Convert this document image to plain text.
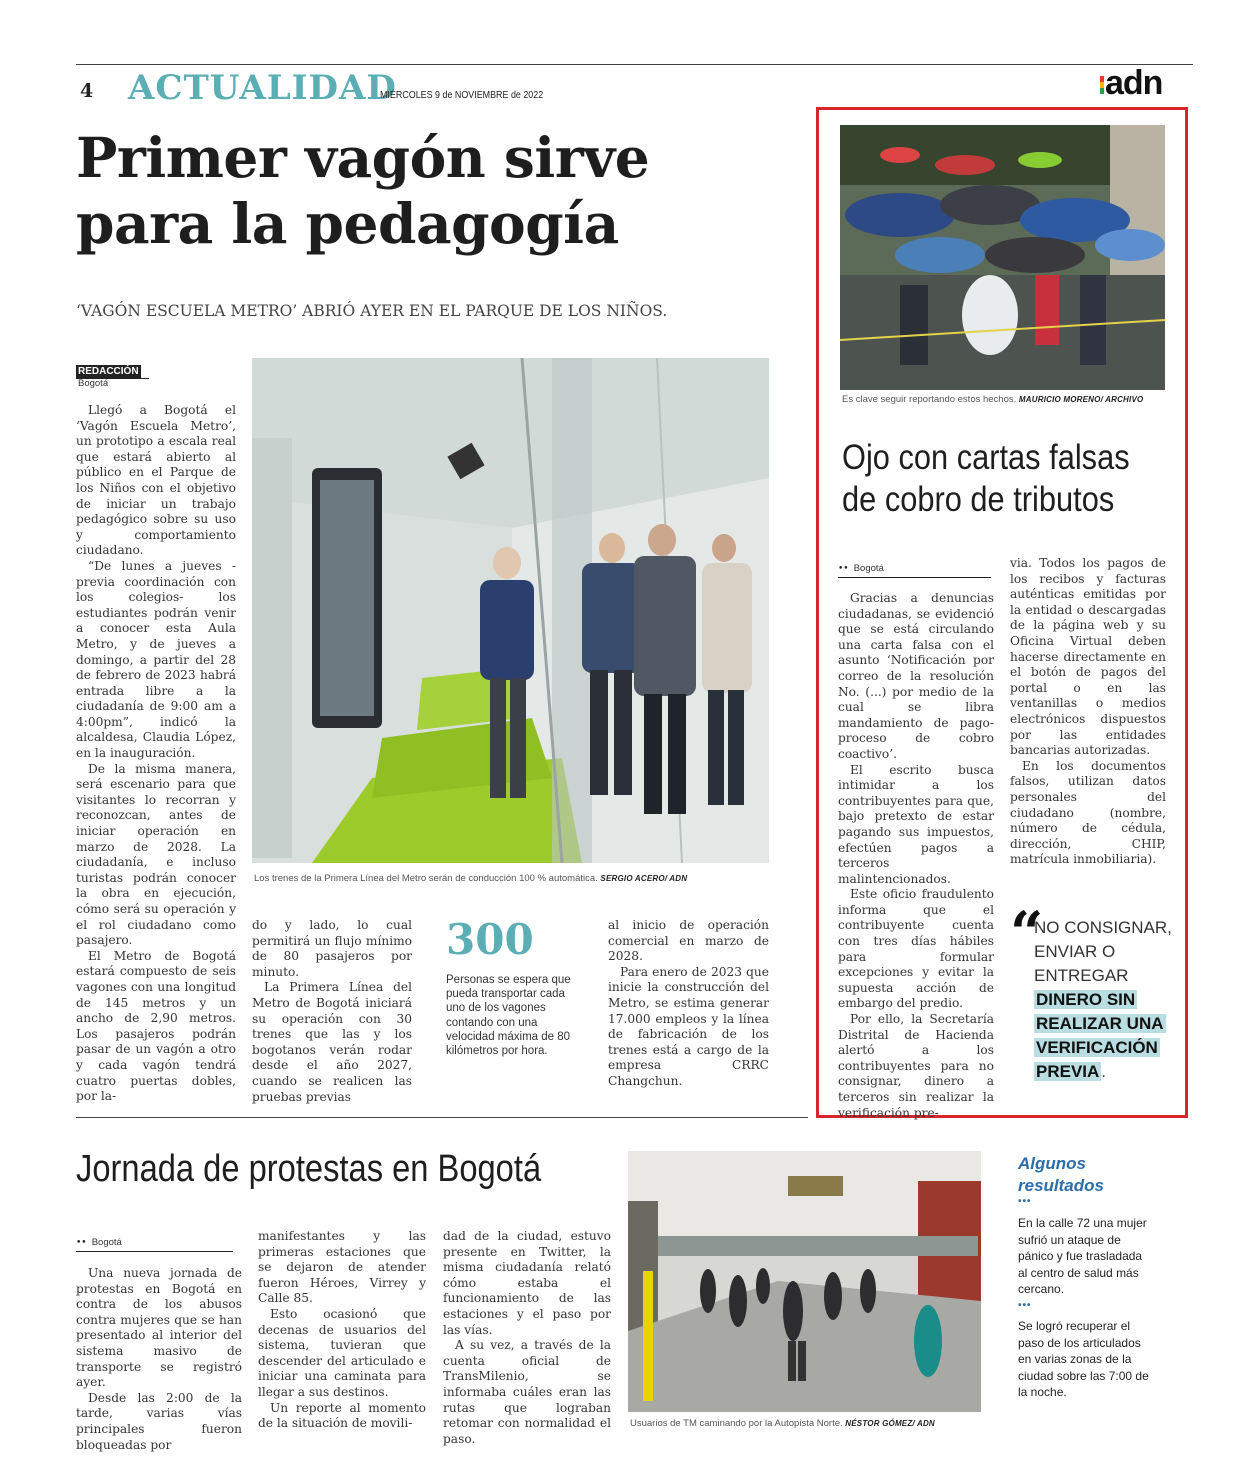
4 ACTUALIDAD
MIÉRCOLES 9 de NOVIEMBRE de 2022	adn
Primer vagón sirve
para la pedagogía
‘VAGÓN ESCUELA METRO’ ABRIÓ AYER EN EL PARQUE DE LOS NIÑOS.
REDACCIÓN
Bogotá
Los trenes de la Primera Línea del Metro serán de conducción 100 % automática. SERGIO ACERO/ ADN

Llegó a Bogotá el ‘Vagón Escuela Metro’, un prototipo a escala real que estará abierto al público en el Parque de los Niños con el objetivo de iniciar un trabajo pedagógico sobre su uso y comportamiento ciudadano.

“De lunes a jueves -previa coordinación con los colegios- los estudiantes podrán venir a conocer esta Aula Metro, y de jueves a domingo, a partir del 28 de febrero de 2023 habrá entrada libre a la ciudadanía de 9:00 am a 4:00pm”, indicó la alcaldesa, Claudia López, en la inauguración.

De la misma manera, será escenario para que visitantes lo recorran y reconozcan, antes de iniciar operación en marzo de 2028. La ciudadanía, e incluso turistas podrán conocer la obra en ejecución, cómo será su operación y el rol ciudadano como pasajero.

El Metro de Bogotá estará compuesto de seis vagones con una longitud de 145 metros y un ancho de 2,90 metros. Los pasajeros podrán pasar de un vagón a otro y cada vagón tendrá cuatro puertas dobles, por la-

do y lado, lo cual permitirá un flujo mínimo de 80 pasajeros por minuto.

La Primera Línea del Metro de Bogotá iniciará su operación con 30 trenes que las y los bogotanos verán rodar desde el año 2027, cuando se realicen las pruebas previas

300
Personas se espera que pueda transportar cada uno de los vagones contando con una velocidad máxima de 80 kilómetros por hora.

al inicio de operación comercial en marzo de 2028.

Para enero de 2023 que inicie la construcción del Metro, se estima generar 17.000 empleos y la línea de fabricación de los trenes está a cargo de la empresa CRRC Changchun.

Es clave seguir reportando estos hechos. MAURICIO MORENO/ ARCHIVO
Ojo con cartas falsas
de cobro de tributos
•• Bogotá

Gracias a denuncias ciudadanas, se evidenció que se está circulando una carta falsa con el asunto ‘Notificación por correo de la resolución No. (...) por medio de la cual se libra mandamiento de pago-proceso de cobro coactivo’.

El escrito busca intimidar a los contribuyentes para que, bajo pretexto de estar pagando sus impuestos, efectúen pagos a terceros malintencionados.

Este oficio fraudulento informa que el contribuyente cuenta con tres días hábiles para formular excepciones y evitar la supuesta acción de embargo del predio.

Por ello, la Secretaría Distrital de Hacienda alertó a los contribuyentes para no consignar, dinero a terceros sin realizar la verificación pre-

via. Todos los pagos de los recibos y facturas auténticas emitidas por la entidad o descargadas de la página web y su Oficina Virtual deben hacerse directamente en el botón de pagos del portal o en las ventanillas o medios electrónicos dispuestos por las entidades bancarias autorizadas.

En los documentos falsos, utilizan datos personales del ciudadano (nombre, número de cédula, dirección, CHIP, matrícula inmobiliaria).

“
NO CONSIGNAR,
ENVIAR O
ENTREGAR
DINERO SIN
REALIZAR UNA
VERIFICACIÓN
PREVIA .
Jornada de protestas en Bogotá
•• Bogotá

Una nueva jornada de protestas en Bogotá en contra de los abusos contra mujeres que se han presentado al interior del sistema masivo de transporte se registró ayer.

Desde las 2:00 de la tarde, varias vías principales fueron bloqueadas por

manifestantes y las primeras estaciones que se dejaron de atender fueron Héroes, Virrey y Calle 85.

Esto ocasionó que decenas de usuarios del sistema, tuvieran que descender del articulado e iniciar una caminata para llegar a sus destinos.

Un reporte al momento de la situación de movili-

dad de la ciudad, estuvo presente en Twitter, la misma ciudadanía relató cómo estaba el funcionamiento de las estaciones y el paso por las vías.

A su vez, a través de la cuenta oficial de TransMilenio, se informaba cuáles eran las rutas que lograban retomar con normalidad el paso.

Usuarios de TM caminando por la Autopista Norte. NÉSTOR GÓMEZ/ ADN
Algunos
resultados
•••
En la calle 72 una mujer sufrió un ataque de pánico y fue trasladada al centro de salud más cercano.
•••
Se logró recuperar el paso de los articulados en varias zonas de la ciudad sobre las 7:00 de la noche.
